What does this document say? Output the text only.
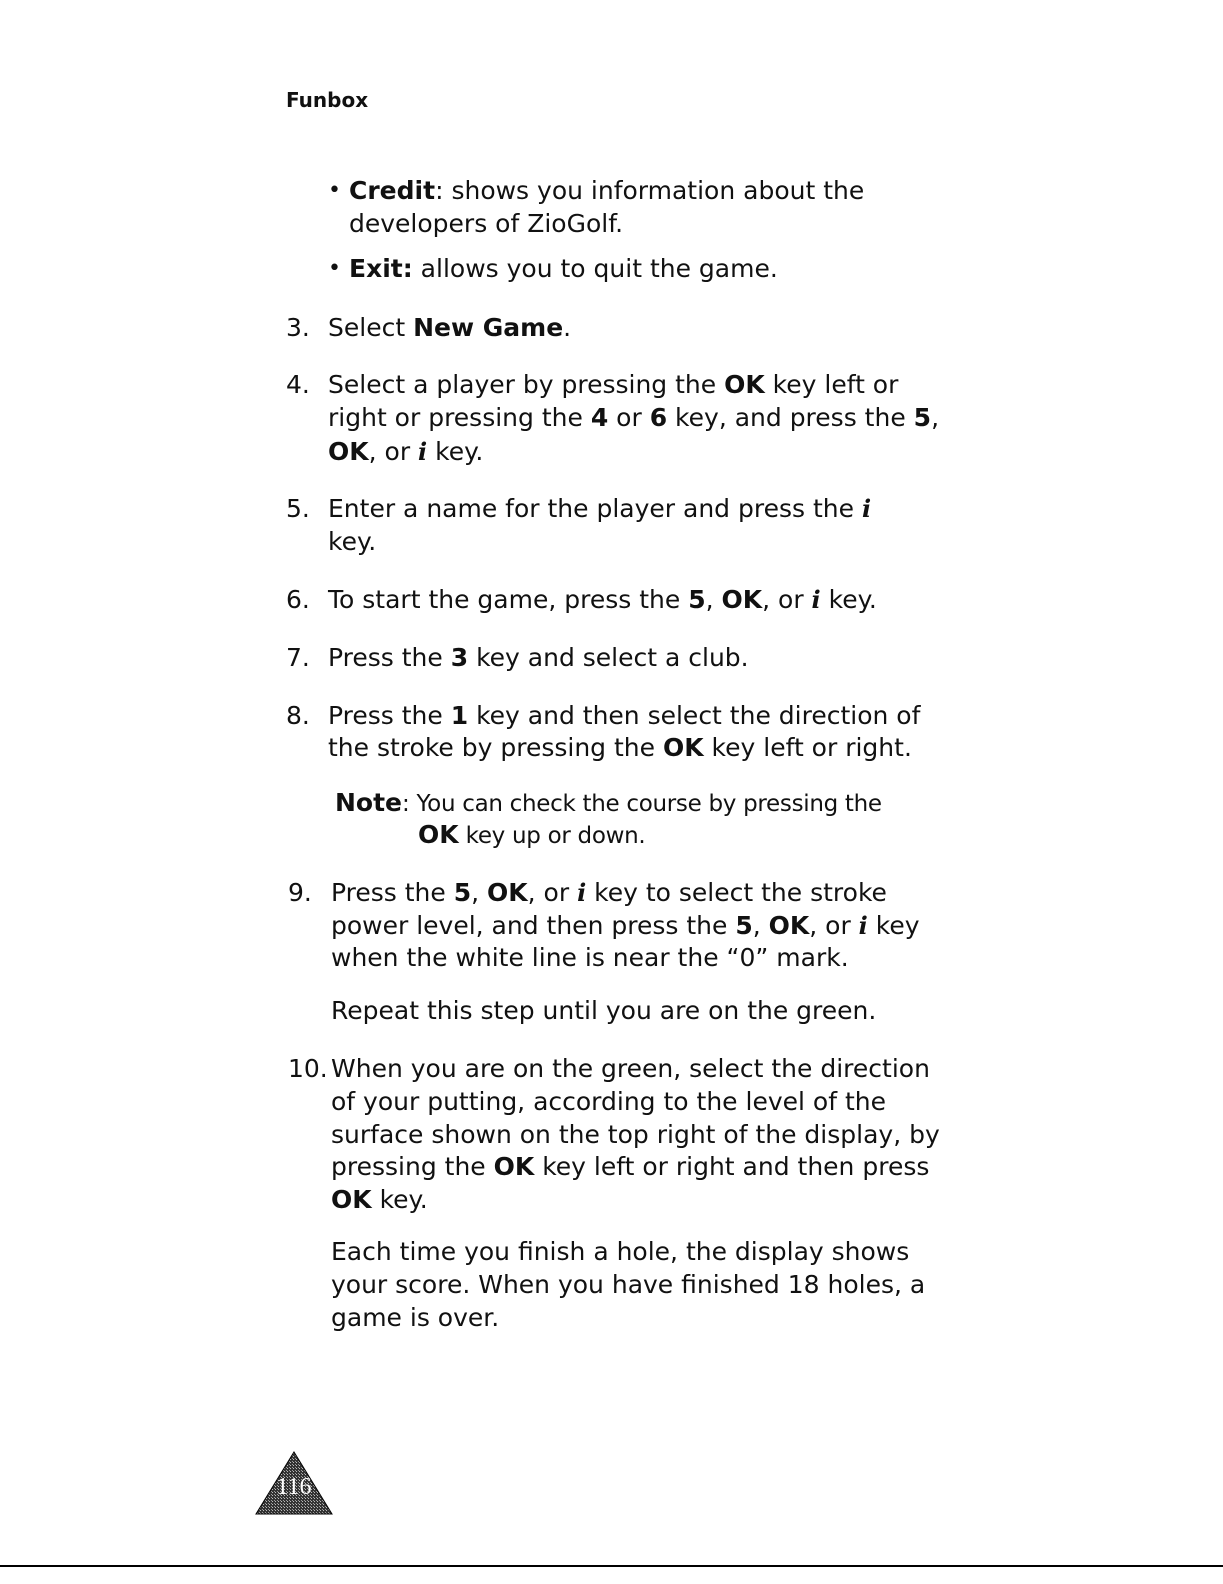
Funbox
• Credit: shows you information about the
developers of ZioGolf.
• Exit: allows you to quit the game.
3. Select New Game.
4. Select a player by pressing the OK key left or
right or pressing the 4 or 6 key, and press the 5,
OK, or i key.
5. Enter a name for the player and press the i
key.
6. To start the game, press the 5, OK, or i key.
7. Press the 3 key and select a club.
8. Press the 1 key and then select the direction of
the stroke by pressing the OK key left or right.
Note: You can check the course by pressing the
OK key up or down.
9. Press the 5, OK, or i key to select the stroke
power level, and then press the 5, OK, or i key
when the white line is near the “0” mark.
Repeat this step until you are on the green.
10. When you are on the green, select the direction
of your putting, according to the level of the
surface shown on the top right of the display, by
pressing the OK key left or right and then press
OK key.
Each time you finish a hole, the display shows
your score. When you have finished 18 holes, a
game is over.
116
